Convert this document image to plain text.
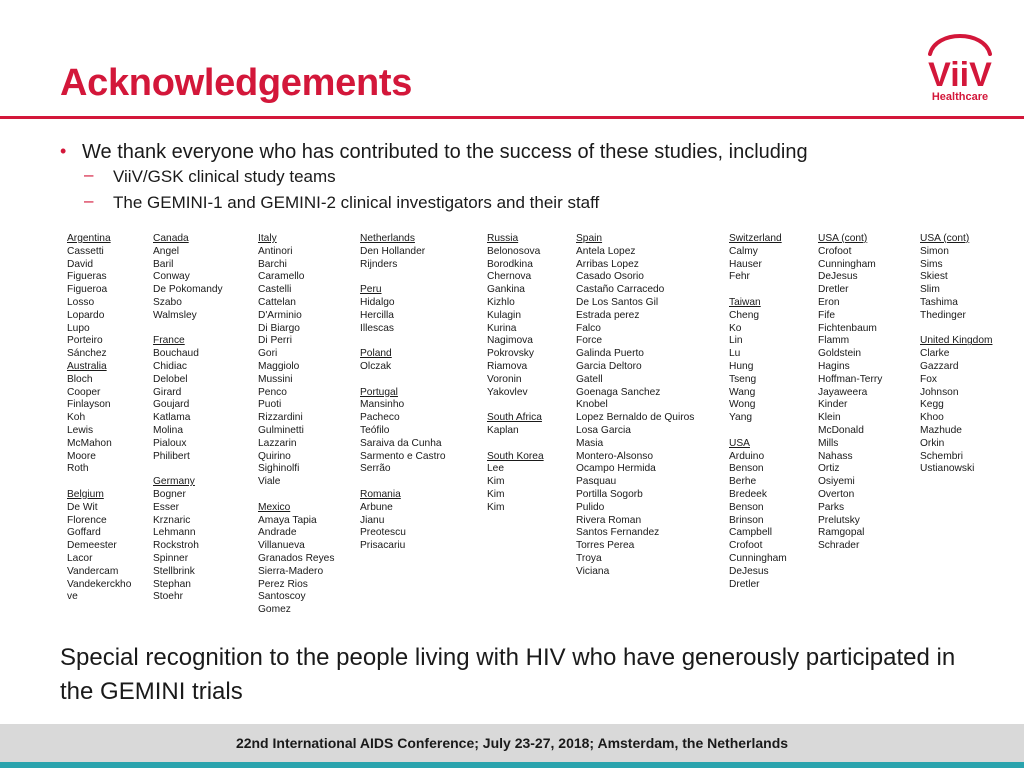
Acknowledgements	ViiV
Healthcare
• We thank everyone who has contributed to the success of these studies, including
– ViiV/GSK clinical study teams
– The GEMINI-1 and GEMINI-2 clinical investigators and their staff
Argentina
Cassetti
David
Figueras
Figueroa
Losso
Lopardo
Lupo
Porteiro
Sánchez
Australia
Bloch
Cooper
Finlayson
Koh
Lewis
McMahon
Moore
Roth

Belgium
De Wit
Florence
Goffard
Demeester
Lacor
Vandercam
Vandekerckhove
Canada
Angel
Baril
Conway
De Pokomandy
Szabo
Walmsley

France
Bouchaud
Chidiac
Delobel
Girard
Goujard
Katlama
Molina
Pialoux
Philibert

Germany
Bogner
Esser
Krznaric
Lehmann
Rockstroh
Spinner
Stellbrink
Stephan
Stoehr
Italy
Antinori
Barchi
Caramello
Castelli
Cattelan
D'Arminio
Di Biargo
Di Perri
Gori
Maggiolo
Mussini
Penco
Puoti
Rizzardini
Gulminetti
Lazzarin
Quirino
Sighinolfi
Viale

Mexico
Amaya Tapia
Andrade
Villanueva
Granados Reyes
Sierra-Madero
Perez Rios
Santoscoy
Gomez
Netherlands
Den Hollander
Rijnders

Peru
Hidalgo
Hercilla
Illescas

Poland
Olczak

Portugal
Mansinho
Pacheco
Teófilo
Saraiva da Cunha
Sarmento e Castro
Serrão

Romania
Arbune
Jianu
Preotescu
Prisacariu
Russia
Belonosova
Borodkina
Chernova
Gankina
Kizhlo
Kulagin
Kurina
Nagimova
Pokrovsky
Riamova
Voronin
Yakovlev

South Africa
Kaplan

South Korea
Lee
Kim
Kim
Kim
Spain
Antela Lopez
Arribas Lopez
Casado Osorio
Castaño Carracedo
De Los Santos Gil
Estrada perez
Falco
Force
Galinda Puerto
Garcia Deltoro
Gatell
Goenaga Sanchez
Knobel
Lopez Bernaldo de Quiros
Losa Garcia
Masia
Montero-Alsonso
Ocampo Hermida
Pasquau
Portilla Sogorb
Pulido
Rivera Roman
Santos Fernandez
Torres Perea
Troya
Viciana
Switzerland
Calmy
Hauser
Fehr

Taiwan
Cheng
Ko
Lin
Lu
Hung
Tseng
Wang
Wong
Yang

USA
Arduino
Benson
Berhe
Bredeek
Benson
Brinson
Campbell
Crofoot
Cunningham
DeJesus
Dretler
USA (cont)
Crofoot
Cunningham
DeJesus
Dretler
Eron
Fife
Fichtenbaum
Flamm
Goldstein
Hagins
Hoffman-Terry
Jayaweera
Kinder
Klein
McDonald
Mills
Nahass
Ortiz
Osiyemi
Overton
Parks
Prelutsky
Ramgopal
Schrader
USA (cont)
Simon
Sims
Skiest
Slim
Tashima
Thedinger

United Kingdom
Clarke
Gazzard
Fox
Johnson
Kegg
Khoo
Mazhude
Orkin
Schembri
Ustianowski

Special recognition to the people living with HIV who have generously participated in the GEMINI trials

22nd International AIDS Conference; July 23-27, 2018; Amsterdam, the Netherlands
